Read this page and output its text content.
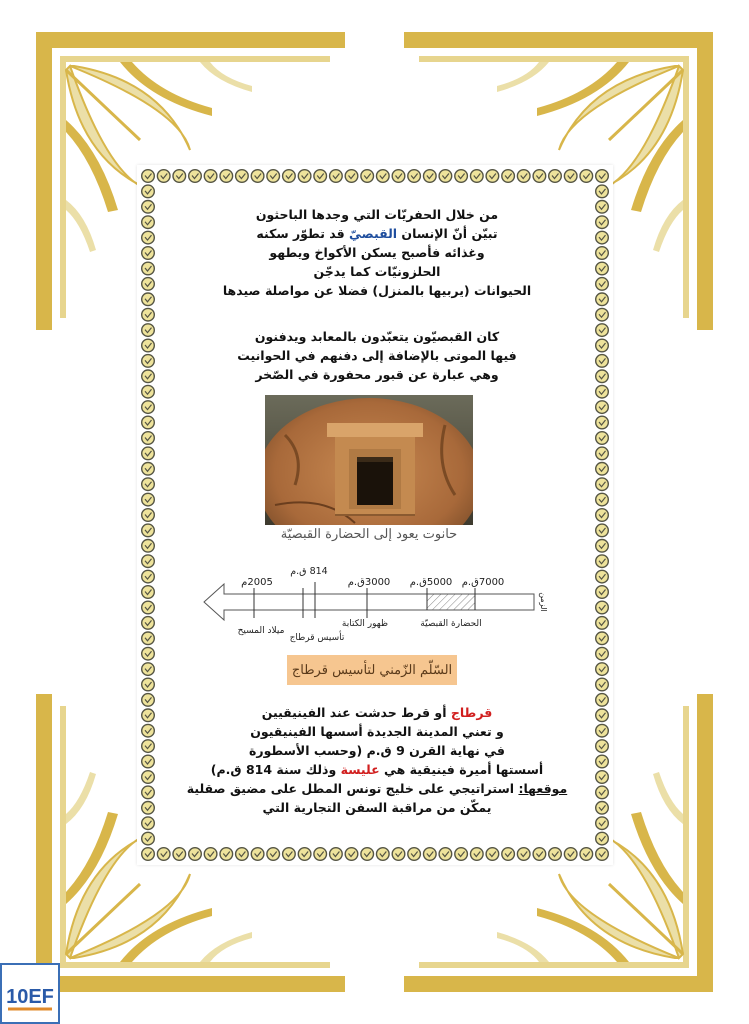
من خلال الحفريّات التي وجدها الباحثون
تبيّن أنّ الإنسان القبصيّ قد تطوّر سكنه
وغذائه فأصبح يسكن الأكواخ ويطهو
الحلزونيّات كما يدجّن
الحيوانات (يربيها بالمنزل) فضلا عن مواصلة صيدها
كان القبصيّون يتعبّدون بالمعابد ويدفنون
فيها الموتى بالإضافة إلى دفنهم في الحوانيت
وهي عبارة عن قبور محفورة في الصّخر
حانوت يعود إلى الحضارة القبصيّة
2005م
814 ق.م
3000ق.م 5000ق.م 7000ق.م
الزمن
ميلاد المسيح
تأسيس قرطاج
ظهور الكتابة	الحضارة القبصيّة
السّلّم الزّمني لتأسيس قرطاج
قرطاج أو قرط حدشت عند الفينيقيين
و تعني المدينة الجديدة أسسها الفينيقيون
في نهاية القرن 9 ق.م (وحسب الأسطورة
أسستها أميرة فينيقية هي عليسة وذلك سنة 814 ق.م)
موقعها: استراتيجي على خليج تونس المطل على مضيق صقلية
يمكّن من مراقبة السفن التجارية التي
10EF
